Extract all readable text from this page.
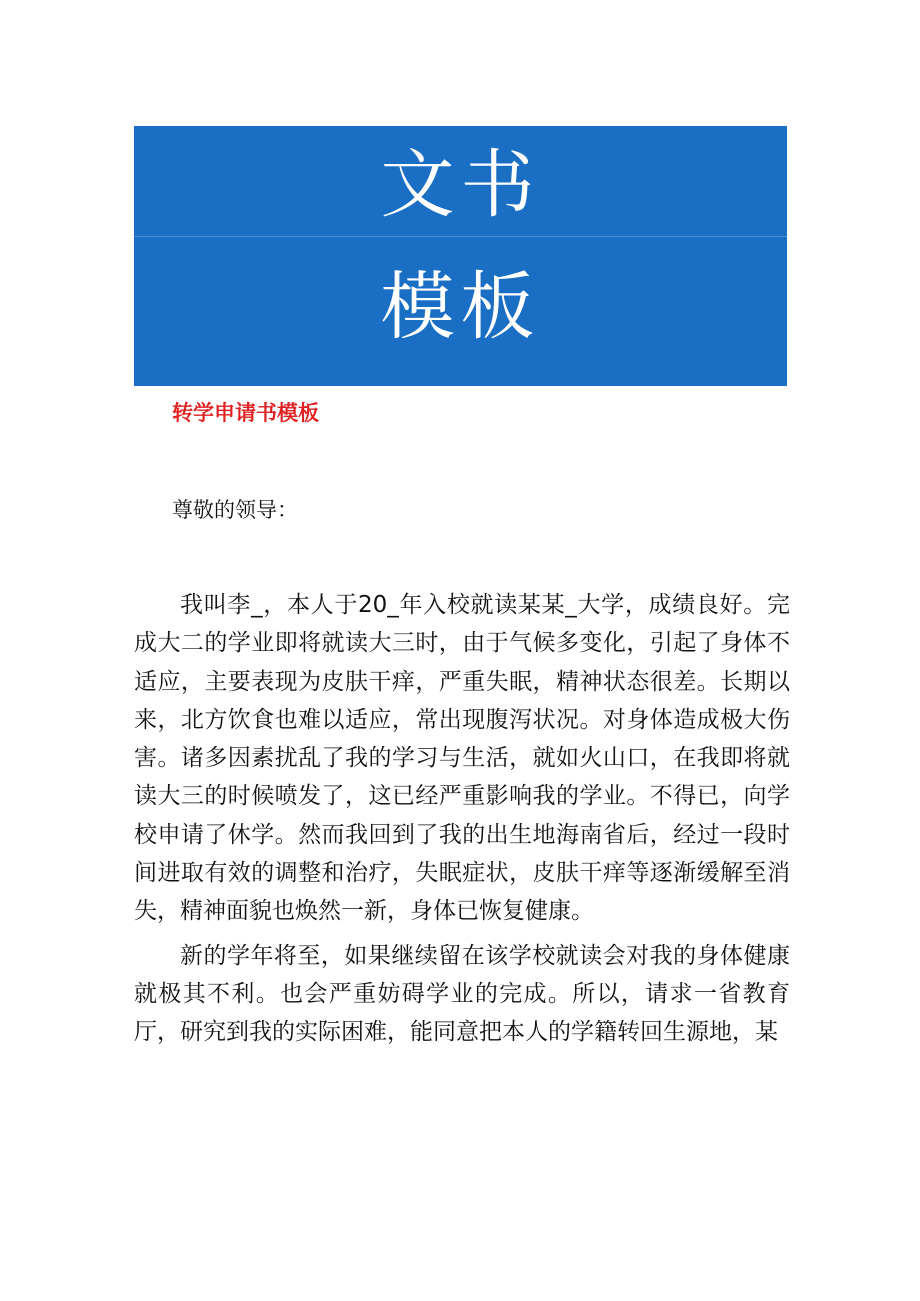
文书
模板
转学申请书模板
尊敬的领导：

我叫李_，本人于20_年入校就读某某_大学，成绩良好。完成大二的学业即将就读大三时，由于气候多变化，引起了身体不适应，主要表现为皮肤干痒，严重失眠，精神状态很差。长期以来，北方饮食也难以适应，常出现腹泻状况。对身体造成极大伤害。诸多因素扰乱了我的学习与生活，就如火山口，在我即将就读大三的时候喷发了，这已经严重影响我的学业。不得已，向学校申请了休学。然而我回到了我的出生地海南省后，经过一段时间进取有效的调整和治疗，失眠症状，皮肤干痒等逐渐缓解至消失，精神面貌也焕然一新，身体已恢复健康。

新的学年将至，如果继续留在该学校就读会对我的身体健康就极其不利。也会严重妨碍学业的完成。所以，请求一省教育厅，研究到我的实际困难，能同意把本人的学籍转回生源地，某
